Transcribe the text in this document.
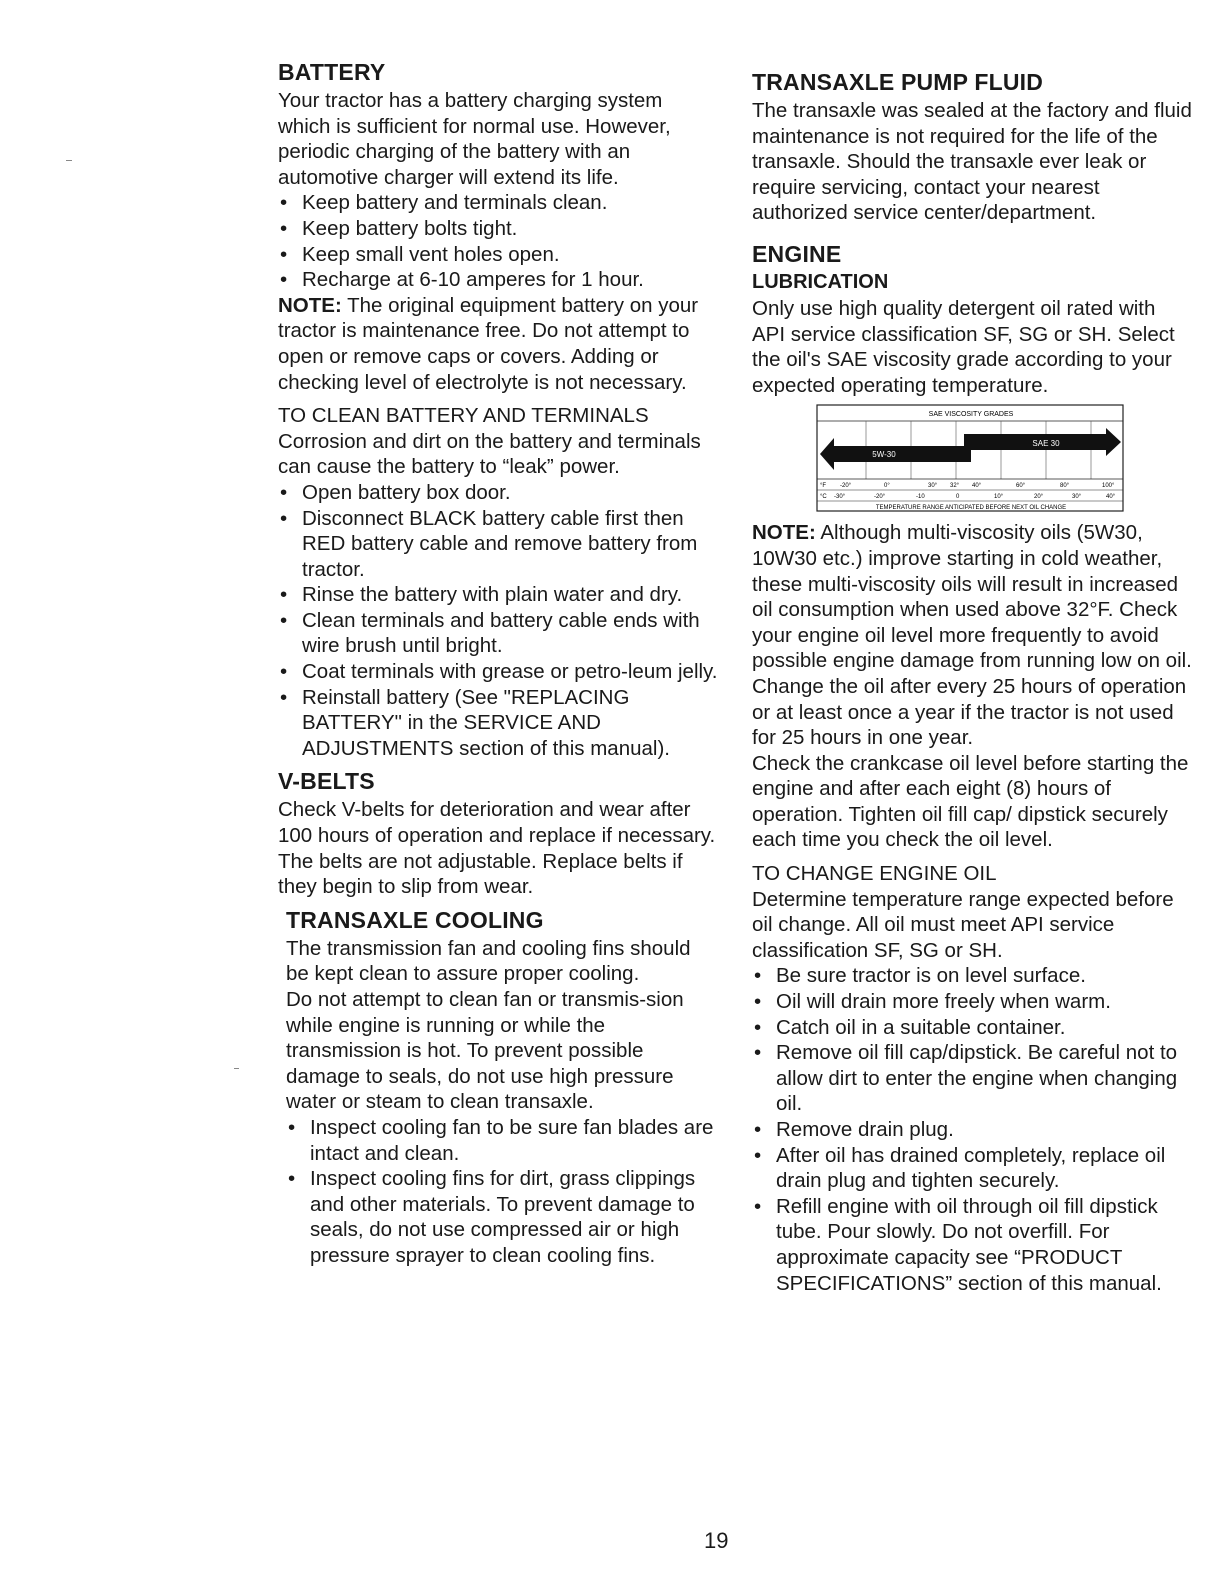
BATTERY

Your tractor has a battery charging system which is sufficient for normal use. However, periodic charging of the battery with an automotive charger will extend its life.

• Keep battery and terminals clean.
• Keep battery bolts tight.
• Keep small vent holes open.
• Recharge at 6-10 amperes for 1 hour.

NOTE: The original equipment battery on your tractor is maintenance free. Do not attempt to open or remove caps or covers. Adding or checking level of electrolyte is not necessary.

TO CLEAN BATTERY AND TERMINALS

Corrosion and dirt on the battery and terminals can cause the battery to “leak” power.

• Open battery box door.
• Disconnect BLACK battery cable first then RED battery cable and remove battery from tractor.
• Rinse the battery with plain water and dry.
• Clean terminals and battery cable ends with wire brush until bright.
• Coat terminals with grease or petro-leum jelly.
• Reinstall battery (See "REPLACING BATTERY" in the SERVICE AND ADJUSTMENTS section of this manual).
V-BELTS

Check V-belts for deterioration and wear after 100 hours of operation and replace if necessary. The belts are not adjustable. Replace belts if they begin to slip from wear.

TRANSAXLE COOLING

The transmission fan and cooling fins should be kept clean to assure proper cooling.

Do not attempt to clean fan or transmis-sion while engine is running or while the transmission is hot. To prevent possible damage to seals, do not use high pressure water or steam to clean transaxle.

• Inspect cooling fan to be sure fan blades are intact and clean.
• Inspect cooling fins for dirt, grass clippings and other materials. To prevent damage to seals, do not use compressed air or high pressure sprayer to clean cooling fins.
TRANSAXLE PUMP FLUID

The transaxle was sealed at the factory and fluid maintenance is not required for the life of the transaxle. Should the transaxle ever leak or require servicing, contact your nearest authorized service center/department.

ENGINE
LUBRICATION

Only use high quality detergent oil rated with API service classification SF, SG or SH. Select the oil's SAE viscosity grade according to your expected operating temperature.

SAE VISCOSITY GRADES
SAE 30
5W-30
°F
°C
-20°	0°	30° 32° 40°	60°	80°	100°
-30°	-20°	-10	0	10°	20°	30°	40°
TEMPERATURE RANGE ANTICIPATED BEFORE NEXT OIL CHANGE

NOTE: Although multi-viscosity oils (5W30, 10W30 etc.) improve starting in cold weather, these multi-viscosity oils will result in increased oil consumption when used above 32°F. Check your engine oil level more frequently to avoid possible engine damage from running low on oil.

Change the oil after every 25 hours of operation or at least once a year if the tractor is not used for 25 hours in one year.

Check the crankcase oil level before starting the engine and after each eight (8) hours of operation. Tighten oil fill cap/ dipstick securely each time you check the oil level.

TO CHANGE ENGINE OIL

Determine temperature range expected before oil change. All oil must meet API service classification SF, SG or SH.

• Be sure tractor is on level surface.
• Oil will drain more freely when warm.
• Catch oil in a suitable container.
• Remove oil fill cap/dipstick. Be careful not to allow dirt to enter the engine when changing oil.
• Remove drain plug.
• After oil has drained completely, replace oil drain plug and tighten securely.
• Refill engine with oil through oil fill dipstick tube. Pour slowly. Do not overfill. For approximate capacity see “PRODUCT SPECIFICATIONS” section of this manual.
19
